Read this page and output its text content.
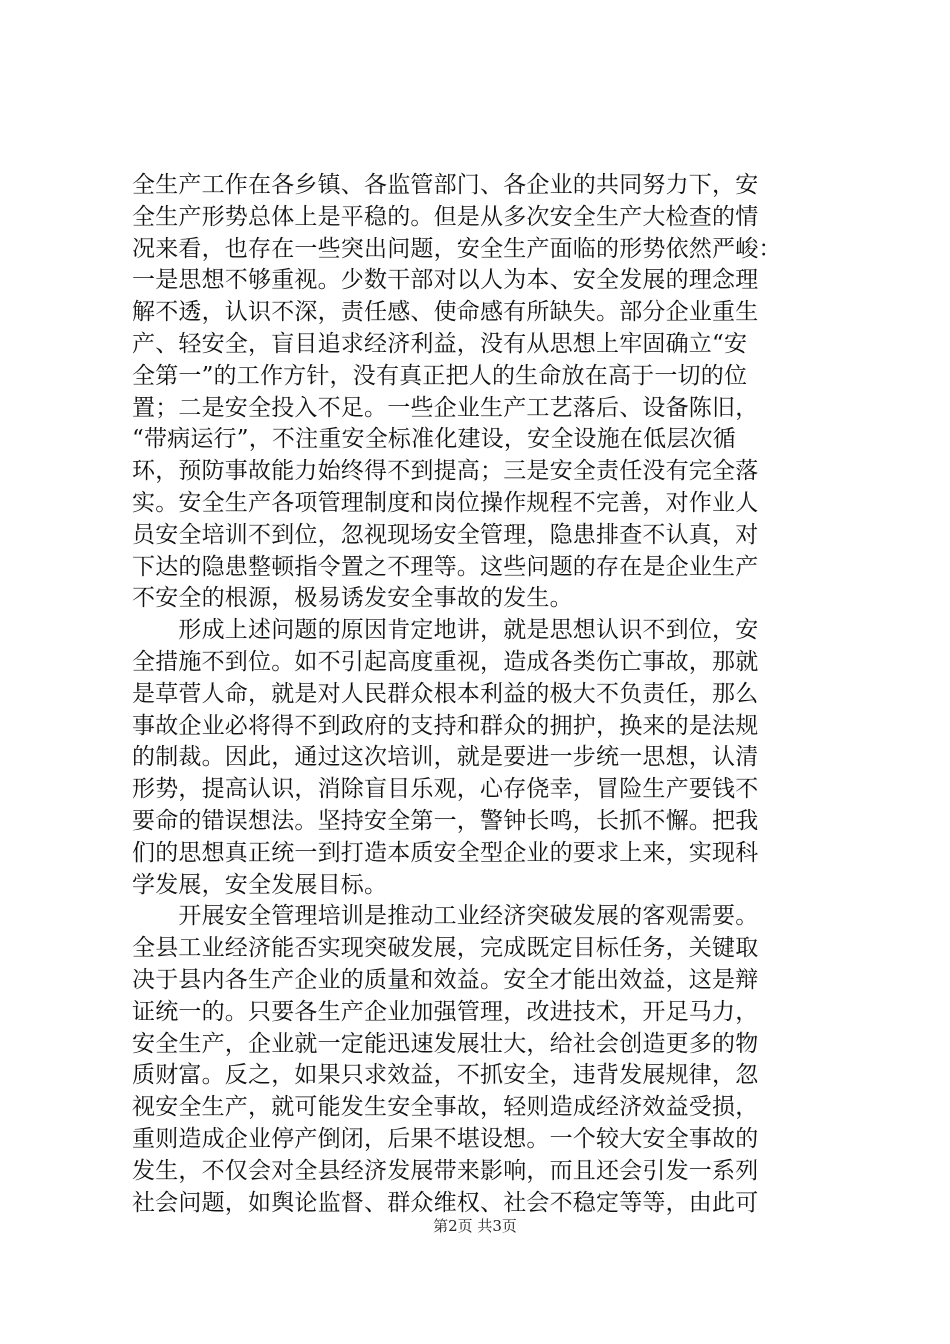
全生产工作在各乡镇、各监管部门、各企业的共同努力下，安
全生产形势总体上是平稳的。但是从多次安全生产大检查的情
况来看，也存在一些突出问题，安全生产面临的形势依然严峻：
一是思想不够重视。少数干部对以人为本、安全发展的理念理
解不透，认识不深，责任感、使命感有所缺失。部分企业重生
产、轻安全，盲目追求经济利益，没有从思想上牢固确立“安
全第一”的工作方针，没有真正把人的生命放在高于一切的位
置；二是安全投入不足。一些企业生产工艺落后、设备陈旧，
“带病运行”，不注重安全标准化建设，安全设施在低层次循
环，预防事故能力始终得不到提高；三是安全责任没有完全落
实。安全生产各项管理制度和岗位操作规程不完善，对作业人
员安全培训不到位，忽视现场安全管理，隐患排查不认真，对
下达的隐患整顿指令置之不理等。这些问题的存在是企业生产
不安全的根源，极易诱发安全事故的发生。
　　形成上述问题的原因肯定地讲，就是思想认识不到位，安
全措施不到位。如不引起高度重视，造成各类伤亡事故，那就
是草菅人命，就是对人民群众根本利益的极大不负责任，那么
事故企业必将得不到政府的支持和群众的拥护，换来的是法规
的制裁。因此，通过这次培训，就是要进一步统一思想，认清
形势，提高认识，消除盲目乐观，心存侥幸，冒险生产要钱不
要命的错误想法。坚持安全第一，警钟长鸣，长抓不懈。把我
们的思想真正统一到打造本质安全型企业的要求上来，实现科
学发展，安全发展目标。
　　开展安全管理培训是推动工业经济突破发展的客观需要。
全县工业经济能否实现突破发展，完成既定目标任务，关键取
决于县内各生产企业的质量和效益。安全才能出效益，这是辩
证统一的。只要各生产企业加强管理，改进技术，开足马力，
安全生产，企业就一定能迅速发展壮大，给社会创造更多的物
质财富。反之，如果只求效益，不抓安全，违背发展规律，忽
视安全生产，就可能发生安全事故，轻则造成经济效益受损，
重则造成企业停产倒闭，后果不堪设想。一个较大安全事故的
发生，不仅会对全县经济发展带来影响，而且还会引发一系列
社会问题，如舆论监督、群众维权、社会不稳定等等，由此可
第2页 共3页
